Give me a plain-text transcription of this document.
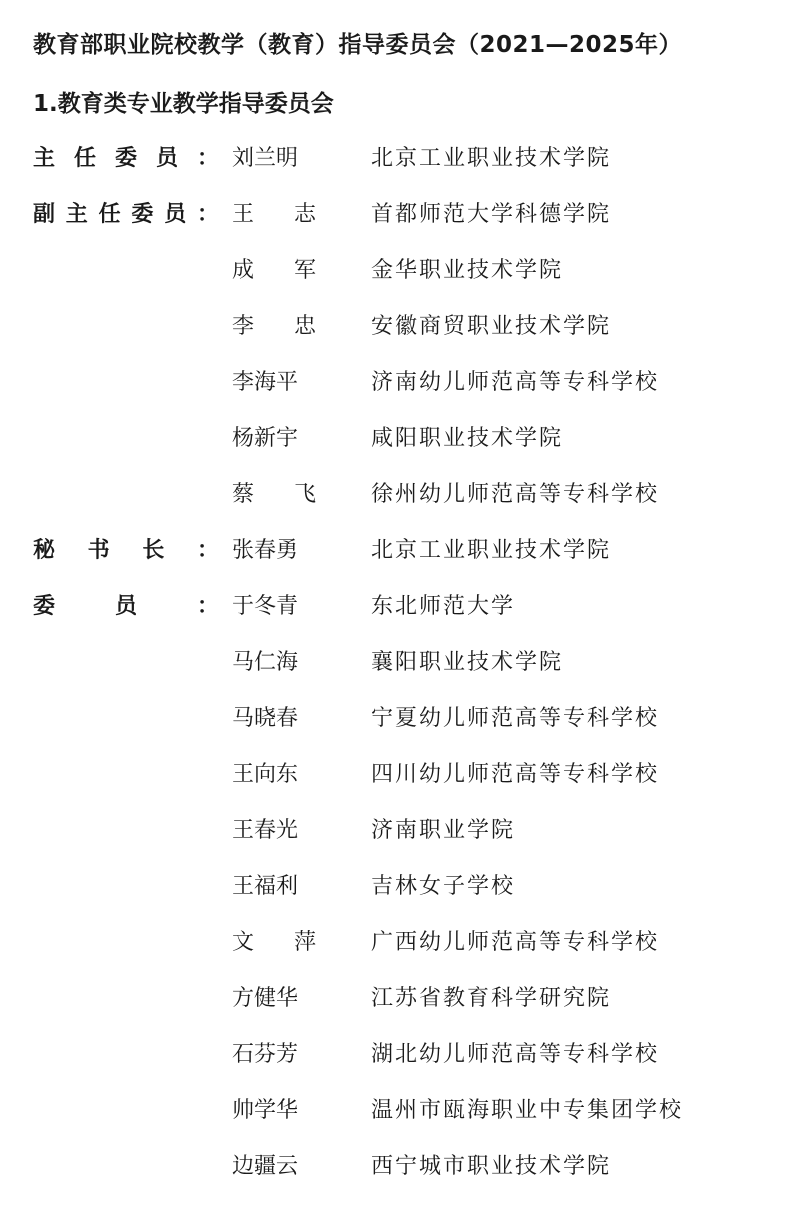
教育部职业院校教学（教育）指导委员会（2021—2025年）
1.教育类专业教学指导委员会
主 任 委 员 ： 刘 兰 明	北京工业职业技术学院
副 主 任 委 员 ： 王 志	首都师范大学科德学院
成 军	金华职业技术学院
李 忠	安徽商贸职业技术学院
李 海 平	济南幼儿师范高等专科学校
杨 新 宇	咸阳职业技术学院
蔡 飞	徐州幼儿师范高等专科学校
秘 书 长 ： 张 春 勇	北京工业职业技术学院
委	员	： 于 冬 青	东北师范大学
马 仁 海	襄阳职业技术学院
马 晓 春	宁夏幼儿师范高等专科学校
王 向 东	四川幼儿师范高等专科学校
王 春 光	济南职业学院
王 福 利	吉林女子学校
文 萍	广西幼儿师范高等专科学校
方 健 华	江苏省教育科学研究院
石 芬 芳	湖北幼儿师范高等专科学校
帅 学 华	温州市瓯海职业中专集团学校
边 疆 云	西宁城市职业技术学院
